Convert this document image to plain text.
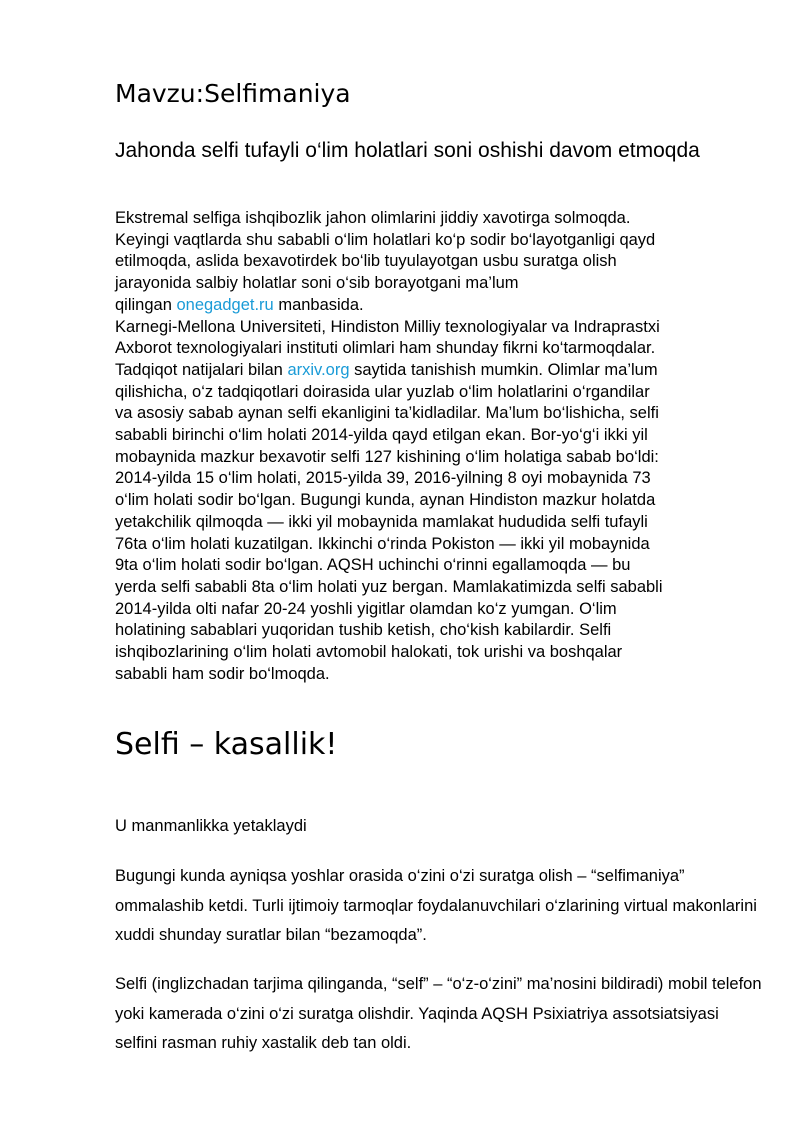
Mavzu:Selfimaniya
Jahonda selfi tufayli o‘lim holatlari soni oshishi davom etmoqda

Ekstremal selfiga ishqibozlik jahon olimlarini jiddiy xavotirga solmoqda.
Keyingi vaqtlarda shu sababli o‘lim holatlari ko‘p sodir bo‘layotganligi qayd
etilmoqda, aslida bexavotirdek bo‘lib tuyulayotgan usbu suratga olish
jarayonida salbiy holatlar soni o‘sib borayotgani ma’lum
qilingan onegadget.ru manbasida.

Karnegi-Mellona Universiteti, Hindiston Milliy texnologiyalar va Indraprastxi
Axborot texnologiyalari instituti olimlari ham shunday fikrni ko‘tarmoqdalar.
Tadqiqot natijalari bilan arxiv.org saytida tanishish mumkin. Olimlar ma’lum
qilishicha, o‘z tadqiqotlari doirasida ular yuzlab o‘lim holatlarini o‘rgandilar
va asosiy sabab aynan selfi ekanligini ta’kidladilar. Ma’lum bo‘lishicha, selfi
sababli birinchi o‘lim holati 2014-yilda qayd etilgan ekan. Bor-yo‘g‘i ikki yil
mobaynida mazkur bexavotir selfi 127 kishining o‘lim holatiga sabab bo‘ldi:
2014-yilda 15 o‘lim holati, 2015-yilda 39, 2016-yilning 8 oyi mobaynida 73
o‘lim holati sodir bo‘lgan. Bugungi kunda, aynan Hindiston mazkur holatda
yetakchilik qilmoqda — ikki yil mobaynida mamlakat hududida selfi tufayli
76ta o‘lim holati kuzatilgan. Ikkinchi o‘rinda Pokiston — ikki yil mobaynida
9ta o‘lim holati sodir bo‘lgan. AQSH uchinchi o‘rinni egallamoqda — bu
yerda selfi sababli 8ta o‘lim holati yuz bergan. Mamlakatimizda selfi sababli
2014-yilda olti nafar 20-24 yoshli yigitlar olamdan ko‘z yumgan. O‘lim
holatining sabablari yuqoridan tushib ketish, cho‘kish kabilardir. Selfi
ishqibozlarining o‘lim holati avtomobil halokati, tok urishi va boshqalar
sababli ham sodir bo‘lmoqda.

Selfi – kasallik!

U manmanlikka yetaklaydi

Bugungi kunda ayniqsa yoshlar orasida o‘zini o‘zi suratga olish – “selfimaniya” ommalashib ketdi. Turli ijtimoiy tarmoqlar foydalanuvchilari o‘zlarining virtual makonlarini xuddi shunday suratlar bilan “bezamoqda”.

Selfi (inglizchadan tarjima qilinganda, “self” – “o‘z-o‘zini” ma’nosini bildiradi) mobil telefon yoki kamerada o‘zini o‘zi suratga olishdir. Yaqinda AQSH Psixiatriya assotsiatsiyasi selfini rasman ruhiy xastalik deb tan oldi.
